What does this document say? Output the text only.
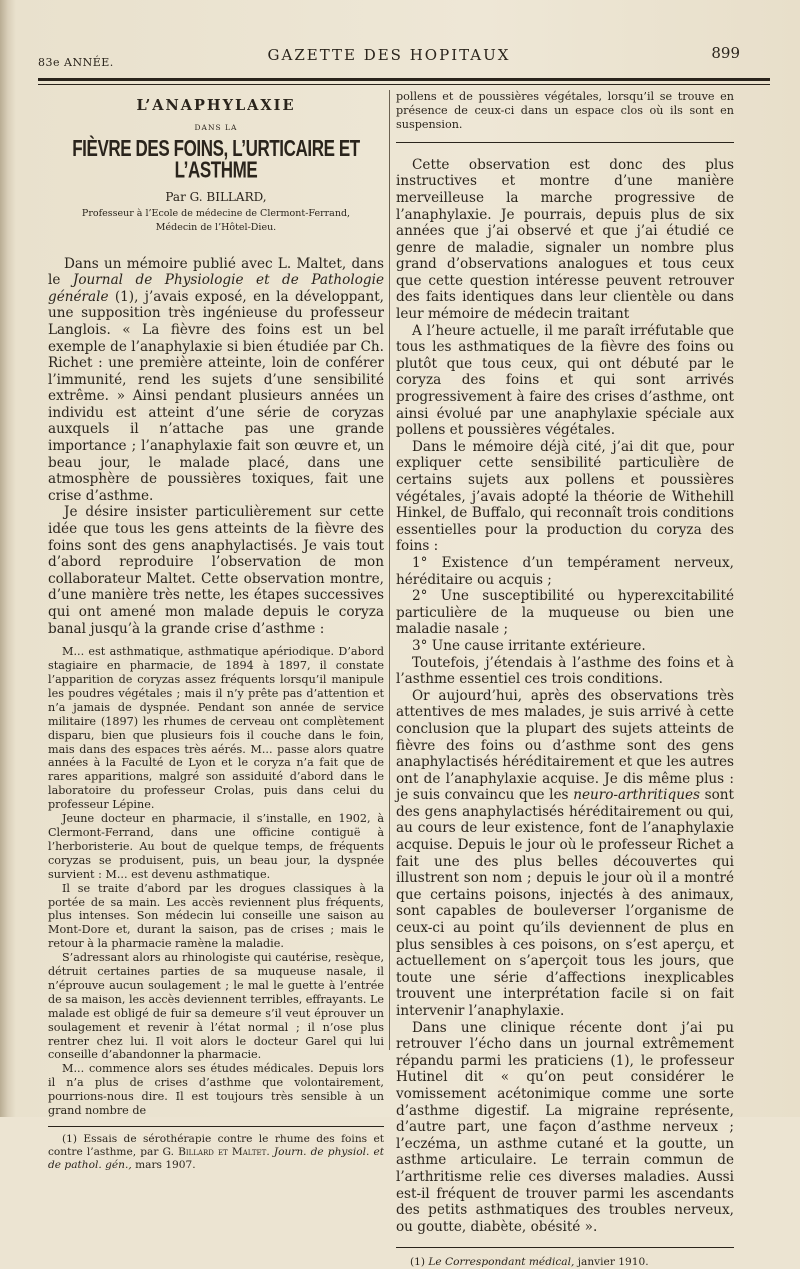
83e ANNÉE.	GAZETTE DES HOPITAUX	899
L’ANAPHYLAXIE
DANS LA
FIÈVRE DES FOINS, L’URTICAIRE ET L’ASTHME
Par G. BILLARD,
Professeur à l’Ecole de médecine de Clermont-Ferrand,
Médecin de l’Hôtel-Dieu.

Dans un mémoire publié avec L. Maltet, dans le Journal de Physiologie et de Pathologie générale (1), j’avais exposé, en la développant, une supposition très ingénieuse du professeur Langlois. « La fièvre des foins est un bel exemple de l’anaphylaxie si bien étudiée par Ch. Richet : une première atteinte, loin de conférer l’immunité, rend les sujets d’une sensibilité extrême. » Ainsi pendant plusieurs années un individu est atteint d’une série de coryzas auxquels il n’attache pas une grande importance ; l’anaphylaxie fait son œuvre et, un beau jour, le malade placé, dans une atmosphère de poussières toxiques, fait une crise d’asthme.

Je désire insister particulièrement sur cette idée que tous les gens atteints de la fièvre des foins sont des gens anaphylactisés. Je vais tout d’abord reproduire l’observation de mon collaborateur Maltet. Cette observation montre, d’une manière très nette, les étapes successives qui ont amené mon malade depuis le coryza banal jusqu’à la grande crise d’asthme :

M... est asthmatique, asthmatique apériodique. D’abord stagiaire en pharmacie, de 1894 à 1897, il constate l’apparition de coryzas assez fréquents lorsqu’il manipule les poudres végétales ; mais il n’y prête pas d’attention et n’a jamais de dyspnée. Pendant son année de service militaire (1897) les rhumes de cerveau ont complètement disparu, bien que plusieurs fois il couche dans le foin, mais dans des espaces très aérés. M... passe alors quatre années à la Faculté de Lyon et le coryza n’a fait que de rares apparitions, malgré son assiduité d’abord dans le laboratoire du professeur Crolas, puis dans celui du professeur Lépine.

Jeune docteur en pharmacie, il s’installe, en 1902, à Clermont-Ferrand, dans une officine contiguë à l’herboristerie. Au bout de quelque temps, de fréquents coryzas se produisent, puis, un beau jour, la dyspnée survient : M... est devenu asthmatique.

Il se traite d’abord par les drogues classiques à la portée de sa main. Les accès reviennent plus fréquents, plus intenses. Son médecin lui conseille une saison au Mont-Dore et, durant la saison, pas de crises ; mais le retour à la pharmacie ramène la maladie.

S’adressant alors au rhinologiste qui cautérise, resèque, détruit certaines parties de sa muqueuse nasale, il n’éprouve aucun soulagement ; le mal le guette à l’entrée de sa maison, les accès deviennent terribles, effrayants. Le malade est obligé de fuir sa demeure s’il veut éprouver un soulagement et revenir à l’état normal ; il n’ose plus rentrer chez lui. Il voit alors le docteur Garel qui lui conseille d’abandonner la pharmacie.

M... commence alors ses études médicales. Depuis lors il n’a plus de crises d’asthme que volontairement, pourrions-nous dire. Il est toujours très sensible à un grand nombre de

(1) Essais de sérothérapie contre le rhume des foins et contre l’asthme, par G. Billard et Maltet. Journ. de physiol. et de pathol. gén., mars 1907.

pollens et de poussières végétales, lorsqu’il se trouve en présence de ceux-ci dans un espace clos où ils sont en suspension.

Cette observation est donc des plus instructives et montre d’une manière merveilleuse la marche progressive de l’anaphylaxie. Je pourrais, depuis plus de six années que j’ai observé et que j’ai étudié ce genre de maladie, signaler un nombre plus grand d’observations analogues et tous ceux que cette question intéresse peuvent retrouver des faits identiques dans leur clientèle ou dans leur mémoire de médecin traitant

A l’heure actuelle, il me paraît irréfutable que tous les asthmatiques de la fièvre des foins ou plutôt que tous ceux, qui ont débuté par le coryza des foins et qui sont arrivés progressivement à faire des crises d’asthme, ont ainsi évolué par une anaphylaxie spéciale aux pollens et poussières végétales.

Dans le mémoire déjà cité, j’ai dit que, pour expliquer cette sensibilité particulière de certains sujets aux pollens et poussières végétales, j’avais adopté la théorie de Withehill Hinkel, de Buffalo, qui reconnaît trois conditions essentielles pour la production du coryza des foins :

1° Existence d’un tempérament nerveux, héréditaire ou acquis ;

2° Une susceptibilité ou hyperexcitabilité particulière de la muqueuse ou bien une maladie nasale ;

3° Une cause irritante extérieure.

Toutefois, j’étendais à l’asthme des foins et à l’asthme essentiel ces trois conditions.

Or aujourd’hui, après des observations très attentives de mes malades, je suis arrivé à cette conclusion que la plupart des sujets atteints de fièvre des foins ou d’asthme sont des gens anaphylactisés héréditairement et que les autres ont de l’anaphylaxie acquise. Je dis même plus : je suis convaincu que les neuro-arthritiques sont des gens anaphylactisés héréditairement ou qui, au cours de leur existence, font de l’anaphylaxie acquise. Depuis le jour où le professeur Richet a fait une des plus belles découvertes qui illustrent son nom ; depuis le jour où il a montré que certains poisons, injectés à des animaux, sont capables de bouleverser l’organisme de ceux-ci au point qu’ils deviennent de plus en plus sensibles à ces poisons, on s’est aperçu, et actuellement on s’aperçoit tous les jours, que toute une série d’affections inexplicables trouvent une interprétation facile si on fait intervenir l’anaphylaxie.

Dans une clinique récente dont j’ai pu retrouver l’écho dans un journal extrêmement répandu parmi les praticiens (1), le professeur Hutinel dit « qu’on peut considérer le vomissement acétonimique comme une sorte d’asthme digestif. La migraine représente, d’autre part, une façon d’asthme nerveux ; l’eczéma, un asthme cutané et la goutte, un asthme articulaire. Le terrain commun de l’arthritisme relie ces diverses maladies. Aussi est-il fréquent de trouver parmi les ascendants des petits asthmatiques des troubles nerveux, ou goutte, diabète, obésité ».

(1) Le Correspondant médical, janvier 1910.
